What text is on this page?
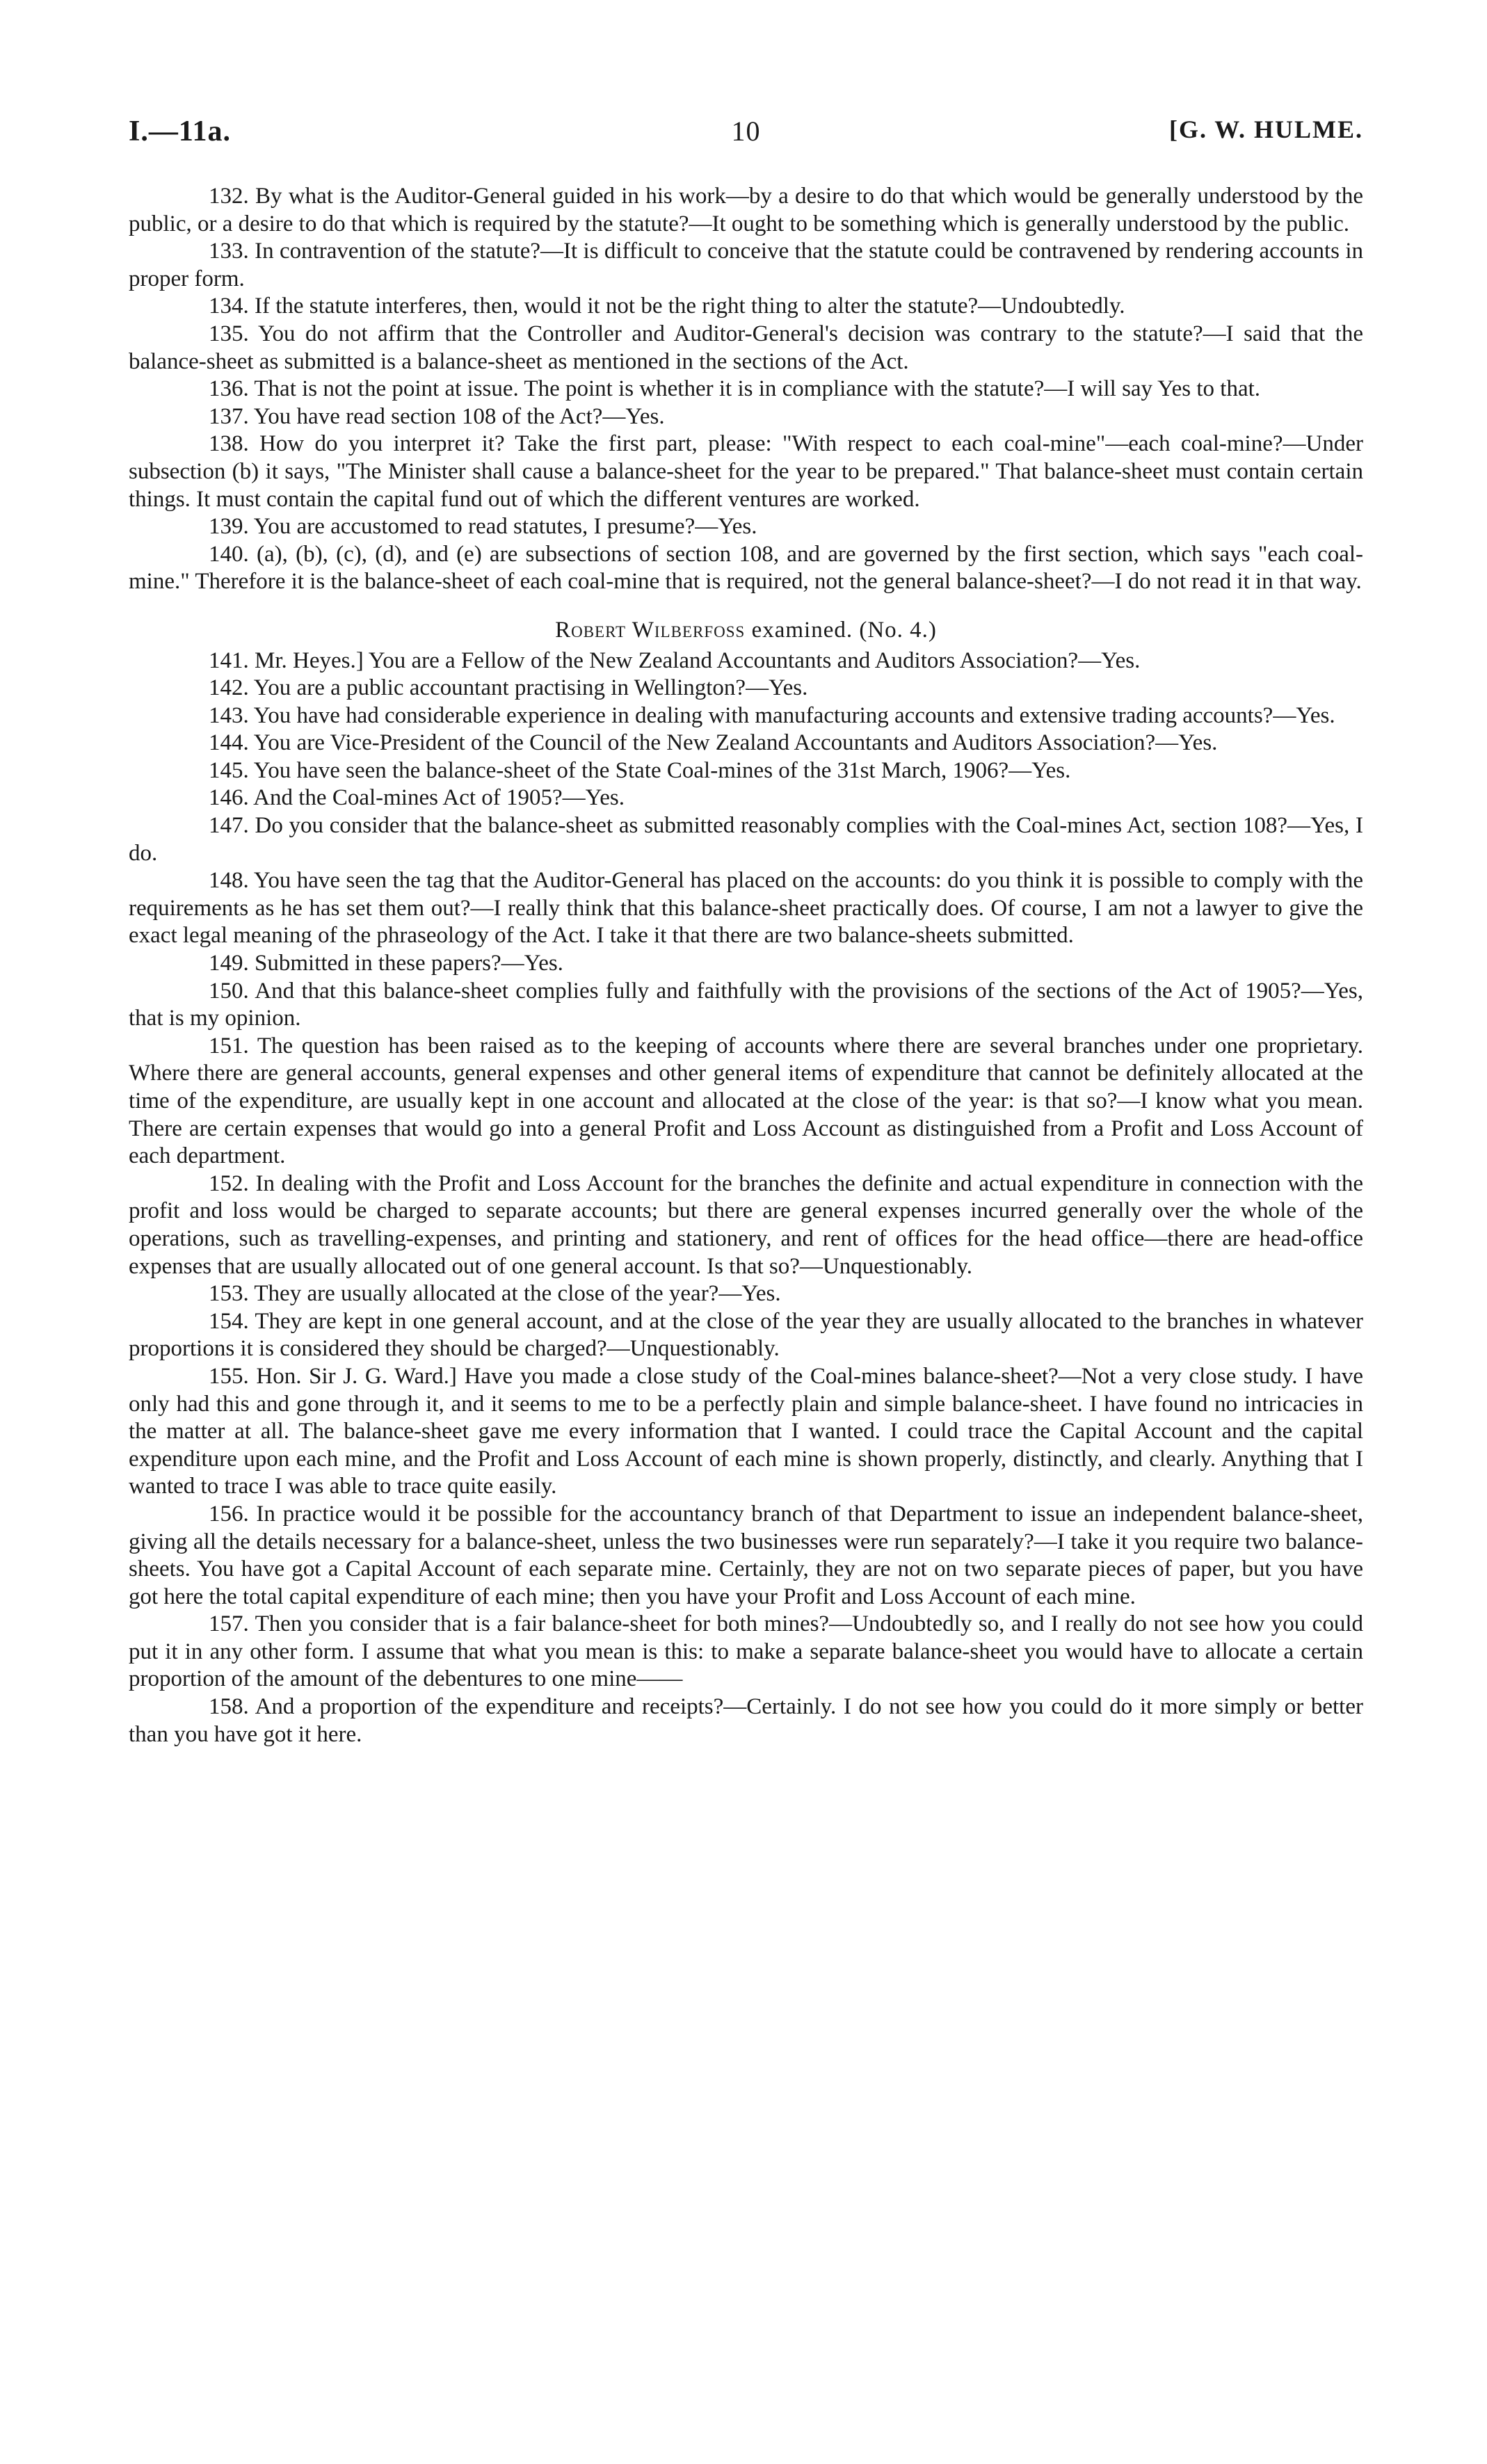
I.—11a.	10	[G. W. HULME.

132. By what is the Auditor-General guided in his work—by a desire to do that which would be generally understood by the public, or a desire to do that which is required by the statute?—It ought to be something which is generally understood by the public.

133. In contravention of the statute?—It is difficult to conceive that the statute could be contravened by rendering accounts in proper form.

134. If the statute interferes, then, would it not be the right thing to alter the statute?—Undoubtedly.

135. You do not affirm that the Controller and Auditor-General's decision was contrary to the statute?—I said that the balance-sheet as submitted is a balance-sheet as mentioned in the sections of the Act.

136. That is not the point at issue. The point is whether it is in compliance with the statute?—I will say Yes to that.

137. You have read section 108 of the Act?—Yes.

138. How do you interpret it? Take the first part, please: "With respect to each coal-mine"—each coal-mine?—Under subsection (b) it says, "The Minister shall cause a balance-sheet for the year to be prepared." That balance-sheet must contain certain things. It must contain the capital fund out of which the different ventures are worked.

139. You are accustomed to read statutes, I presume?—Yes.

140. (a), (b), (c), (d), and (e) are subsections of section 108, and are governed by the first section, which says "each coal-mine." Therefore it is the balance-sheet of each coal-mine that is required, not the general balance-sheet?—I do not read it in that way.

Robert Wilberfoss examined. (No. 4.)

141. Mr. Heyes.] You are a Fellow of the New Zealand Accountants and Auditors Association?—Yes.

142. You are a public accountant practising in Wellington?—Yes.

143. You have had considerable experience in dealing with manufacturing accounts and extensive trading accounts?—Yes.

144. You are Vice-President of the Council of the New Zealand Accountants and Auditors Association?—Yes.

145. You have seen the balance-sheet of the State Coal-mines of the 31st March, 1906?—Yes.

146. And the Coal-mines Act of 1905?—Yes.

147. Do you consider that the balance-sheet as submitted reasonably complies with the Coal-mines Act, section 108?—Yes, I do.

148. You have seen the tag that the Auditor-General has placed on the accounts: do you think it is possible to comply with the requirements as he has set them out?—I really think that this balance-sheet practically does. Of course, I am not a lawyer to give the exact legal meaning of the phraseology of the Act. I take it that there are two balance-sheets submitted.

149. Submitted in these papers?—Yes.

150. And that this balance-sheet complies fully and faithfully with the provisions of the sections of the Act of 1905?—Yes, that is my opinion.

151. The question has been raised as to the keeping of accounts where there are several branches under one proprietary. Where there are general accounts, general expenses and other general items of expenditure that cannot be definitely allocated at the time of the expenditure, are usually kept in one account and allocated at the close of the year: is that so?—I know what you mean. There are certain expenses that would go into a general Profit and Loss Account as distinguished from a Profit and Loss Account of each department.

152. In dealing with the Profit and Loss Account for the branches the definite and actual expenditure in connection with the profit and loss would be charged to separate accounts; but there are general expenses incurred generally over the whole of the operations, such as travelling-expenses, and printing and stationery, and rent of offices for the head office—there are head-office expenses that are usually allocated out of one general account. Is that so?—Unquestionably.

153. They are usually allocated at the close of the year?—Yes.

154. They are kept in one general account, and at the close of the year they are usually allocated to the branches in whatever proportions it is considered they should be charged?—Unquestionably.

155. Hon. Sir J. G. Ward.] Have you made a close study of the Coal-mines balance-sheet?—Not a very close study. I have only had this and gone through it, and it seems to me to be a perfectly plain and simple balance-sheet. I have found no intricacies in the matter at all. The balance-sheet gave me every information that I wanted. I could trace the Capital Account and the capital expenditure upon each mine, and the Profit and Loss Account of each mine is shown properly, distinctly, and clearly. Anything that I wanted to trace I was able to trace quite easily.

156. In practice would it be possible for the accountancy branch of that Department to issue an independent balance-sheet, giving all the details necessary for a balance-sheet, unless the two businesses were run separately?—I take it you require two balance-sheets. You have got a Capital Account of each separate mine. Certainly, they are not on two separate pieces of paper, but you have got here the total capital expenditure of each mine; then you have your Profit and Loss Account of each mine.

157. Then you consider that is a fair balance-sheet for both mines?—Undoubtedly so, and I really do not see how you could put it in any other form. I assume that what you mean is this: to make a separate balance-sheet you would have to allocate a certain proportion of the amount of the debentures to one mine——

158. And a proportion of the expenditure and receipts?—Certainly. I do not see how you could do it more simply or better than you have got it here.
